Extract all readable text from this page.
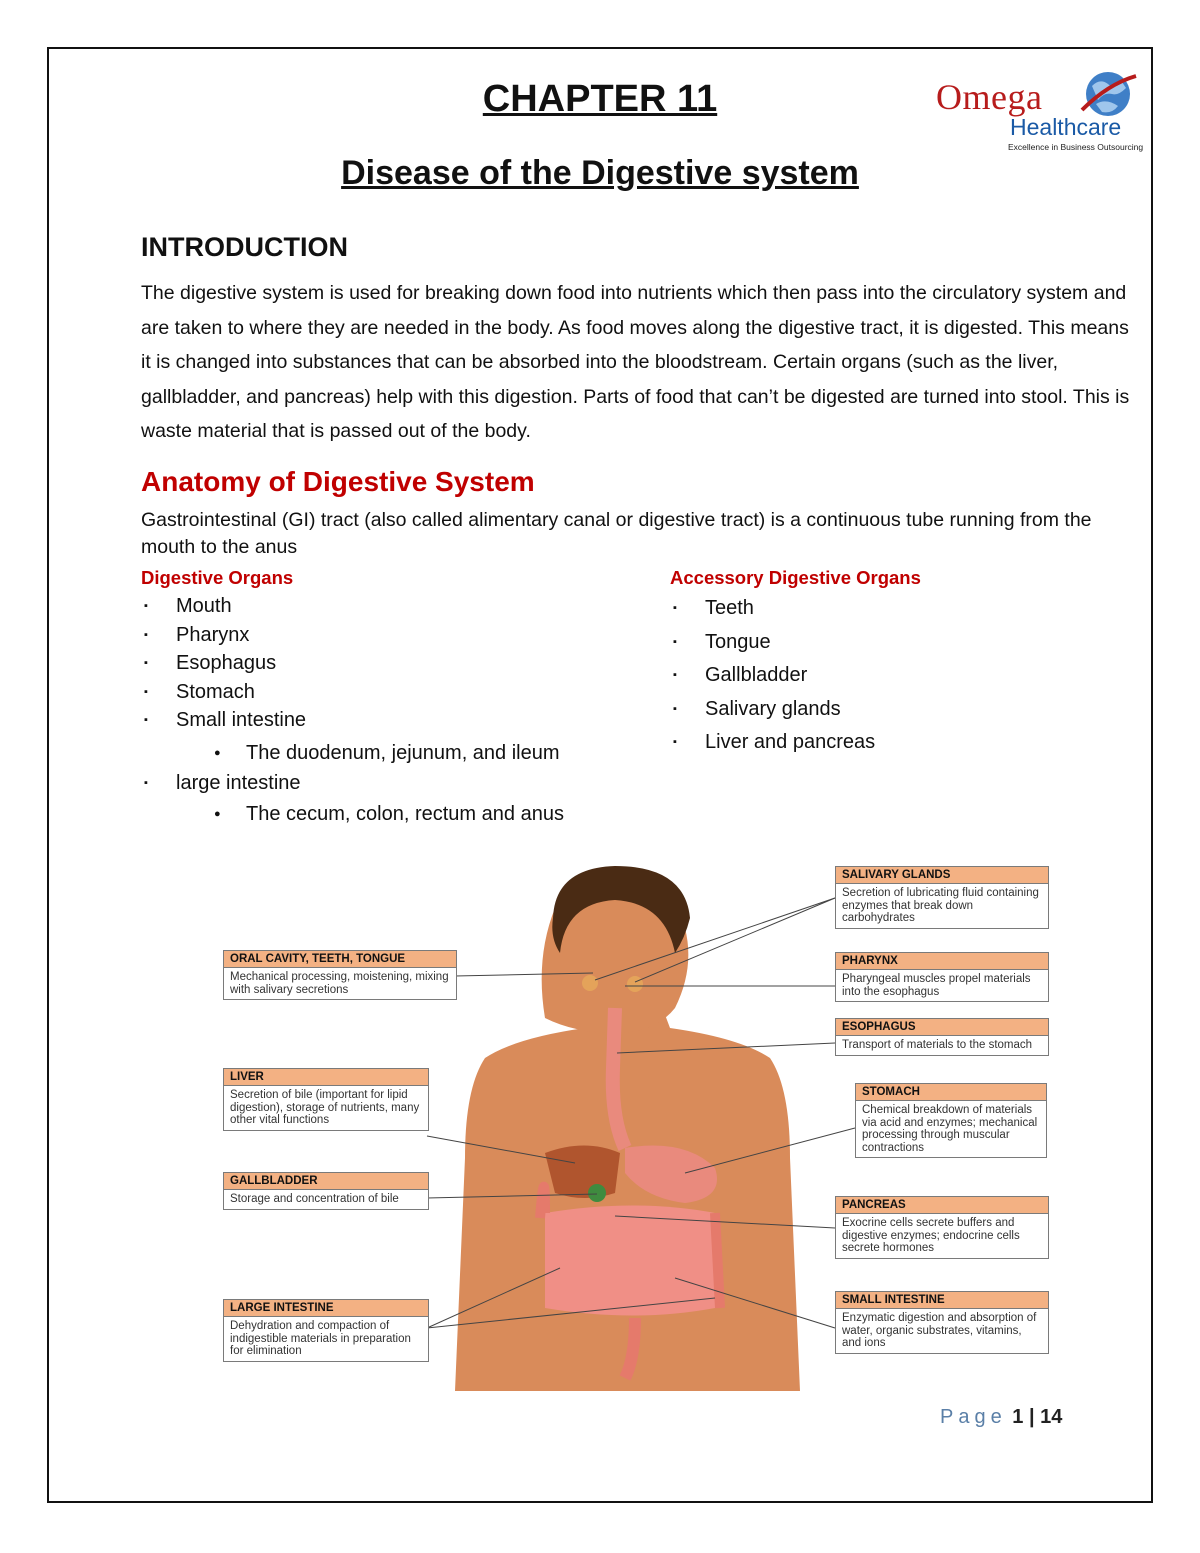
CHAPTER 11
Disease of the Digestive system
Omega
Healthcare
Excellence in Business Outsourcing
INTRODUCTION

The digestive system is used for breaking down food into nutrients which then pass into the circulatory system and are taken to where they are needed in the body. As food moves along the digestive tract, it is digested. This means it is changed into substances that can be absorbed into the bloodstream. Certain organs (such as the liver, gallbladder, and pancreas) help with this digestion. Parts of food that can’t be digested are turned into stool. This is waste material that is passed out of the body.

Anatomy of Digestive System

Gastrointestinal (GI) tract (also called alimentary canal or digestive tract) is a continuous tube running from the mouth to the anus

Digestive Organs
▪ Mouth
▪ Pharynx
▪ Esophagus
▪ Stomach
▪ Small intestine
● The duodenum, jejunum, and ileum
▪ large intestine
● The cecum, colon, rectum and anus
Accessory Digestive Organs
▪ Teeth
▪ Tongue
▪ Gallbladder
▪ Salivary glands
▪ Liver and pancreas
ORAL CAVITY, TEETH, TONGUE
Mechanical processing, moistening, mixing with salivary secretions
LIVER
Secretion of bile (important for lipid digestion), storage of nutrients, many other vital functions
GALLBLADDER
Storage and concentration of bile
LARGE INTESTINE
Dehydration and compaction of indigestible materials in preparation for elimination
SALIVARY GLANDS
Secretion of lubricating fluid containing enzymes that break down carbohydrates
PHARYNX
Pharyngeal muscles propel materials into the esophagus
ESOPHAGUS
Transport of materials to the stomach
STOMACH
Chemical breakdown of materials via acid and enzymes; mechanical processing through muscular contractions
PANCREAS
Exocrine cells secrete buffers and digestive enzymes; endocrine cells secrete hormones
SMALL INTESTINE
Enzymatic digestion and absorption of water, organic substrates, vitamins, and ions
Page 1 | 14
